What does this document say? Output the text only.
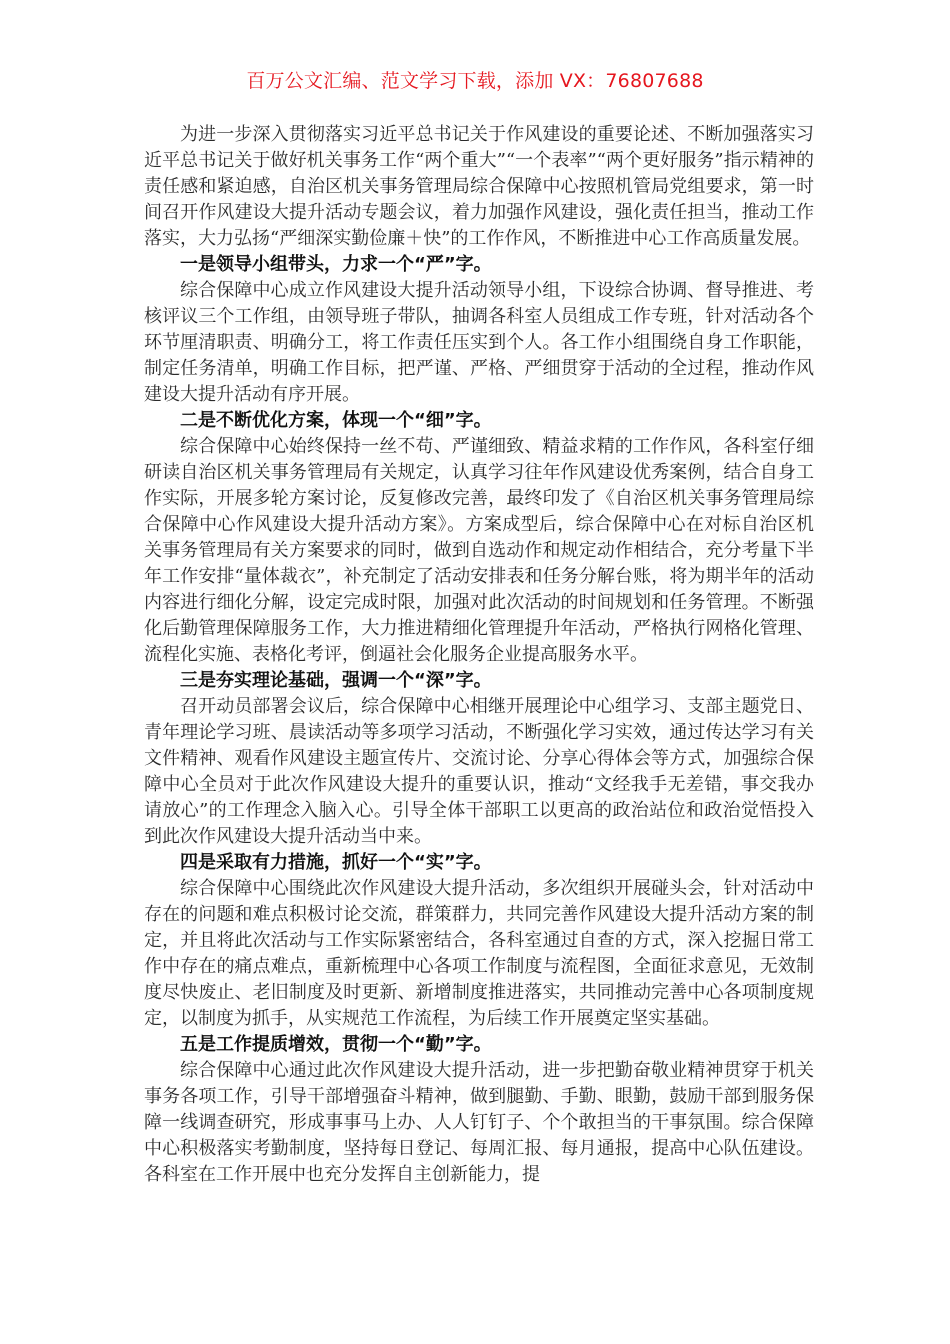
百万公文汇编、范文学习下载，添加 VX：76807688

为进一步深入贯彻落实习近平总书记关于作风建设的重要论述、不断加强落实习近平总书记关于做好机关事务工作“两个重大”“一个表率”“两个更好服务”指示精神的责任感和紧迫感，自治区机关事务管理局综合保障中心按照机管局党组要求，第一时间召开作风建设大提升活动专题会议，着力加强作风建设，强化责任担当，推动工作落实，大力弘扬“严细深实勤俭廉＋快”的工作作风，不断推进中心工作高质量发展。

一是领导小组带头，力求一个“严”字。

综合保障中心成立作风建设大提升活动领导小组，下设综合协调、督导推进、考核评议三个工作组，由领导班子带队，抽调各科室人员组成工作专班，针对活动各个环节厘清职责、明确分工，将工作责任压实到个人。各工作小组围绕自身工作职能，制定任务清单，明确工作目标，把严谨、严格、严细贯穿于活动的全过程，推动作风建设大提升活动有序开展。

二是不断优化方案，体现一个“细”字。

综合保障中心始终保持一丝不苟、严谨细致、精益求精的工作作风，各科室仔细研读自治区机关事务管理局有关规定，认真学习往年作风建设优秀案例，结合自身工作实际，开展多轮方案讨论，反复修改完善，最终印发了《自治区机关事务管理局综合保障中心作风建设大提升活动方案》。方案成型后，综合保障中心在对标自治区机关事务管理局有关方案要求的同时，做到自选动作和规定动作相结合，充分考量下半年工作安排“量体裁衣”，补充制定了活动安排表和任务分解台账，将为期半年的活动内容进行细化分解，设定完成时限，加强对此次活动的时间规划和任务管理。不断强化后勤管理保障服务工作，大力推进精细化管理提升年活动，严格执行网格化管理、流程化实施、表格化考评，倒逼社会化服务企业提高服务水平。

三是夯实理论基础，强调一个“深”字。

召开动员部署会议后，综合保障中心相继开展理论中心组学习、支部主题党日、青年理论学习班、晨读活动等多项学习活动，不断强化学习实效，通过传达学习有关文件精神、观看作风建设主题宣传片、交流讨论、分享心得体会等方式，加强综合保障中心全员对于此次作风建设大提升的重要认识，推动“文经我手无差错，事交我办请放心”的工作理念入脑入心。引导全体干部职工以更高的政治站位和政治觉悟投入到此次作风建设大提升活动当中来。

四是采取有力措施，抓好一个“实”字。

综合保障中心围绕此次作风建设大提升活动，多次组织开展碰头会，针对活动中存在的问题和难点积极讨论交流，群策群力，共同完善作风建设大提升活动方案的制定，并且将此次活动与工作实际紧密结合，各科室通过自查的方式，深入挖掘日常工作中存在的痛点难点，重新梳理中心各项工作制度与流程图，全面征求意见，无效制度尽快废止、老旧制度及时更新、新增制度推进落实，共同推动完善中心各项制度规定，以制度为抓手，从实规范工作流程，为后续工作开展奠定坚实基础。

五是工作提质增效，贯彻一个“勤”字。

综合保障中心通过此次作风建设大提升活动，进一步把勤奋敬业精神贯穿于机关事务各项工作，引导干部增强奋斗精神，做到腿勤、手勤、眼勤，鼓励干部到服务保障一线调查研究，形成事事马上办、人人钉钉子、个个敢担当的干事氛围。综合保障中心积极落实考勤制度，坚持每日登记、每周汇报、每月通报，提高中心队伍建设。各科室在工作开展中也充分发挥自主创新能力，提
